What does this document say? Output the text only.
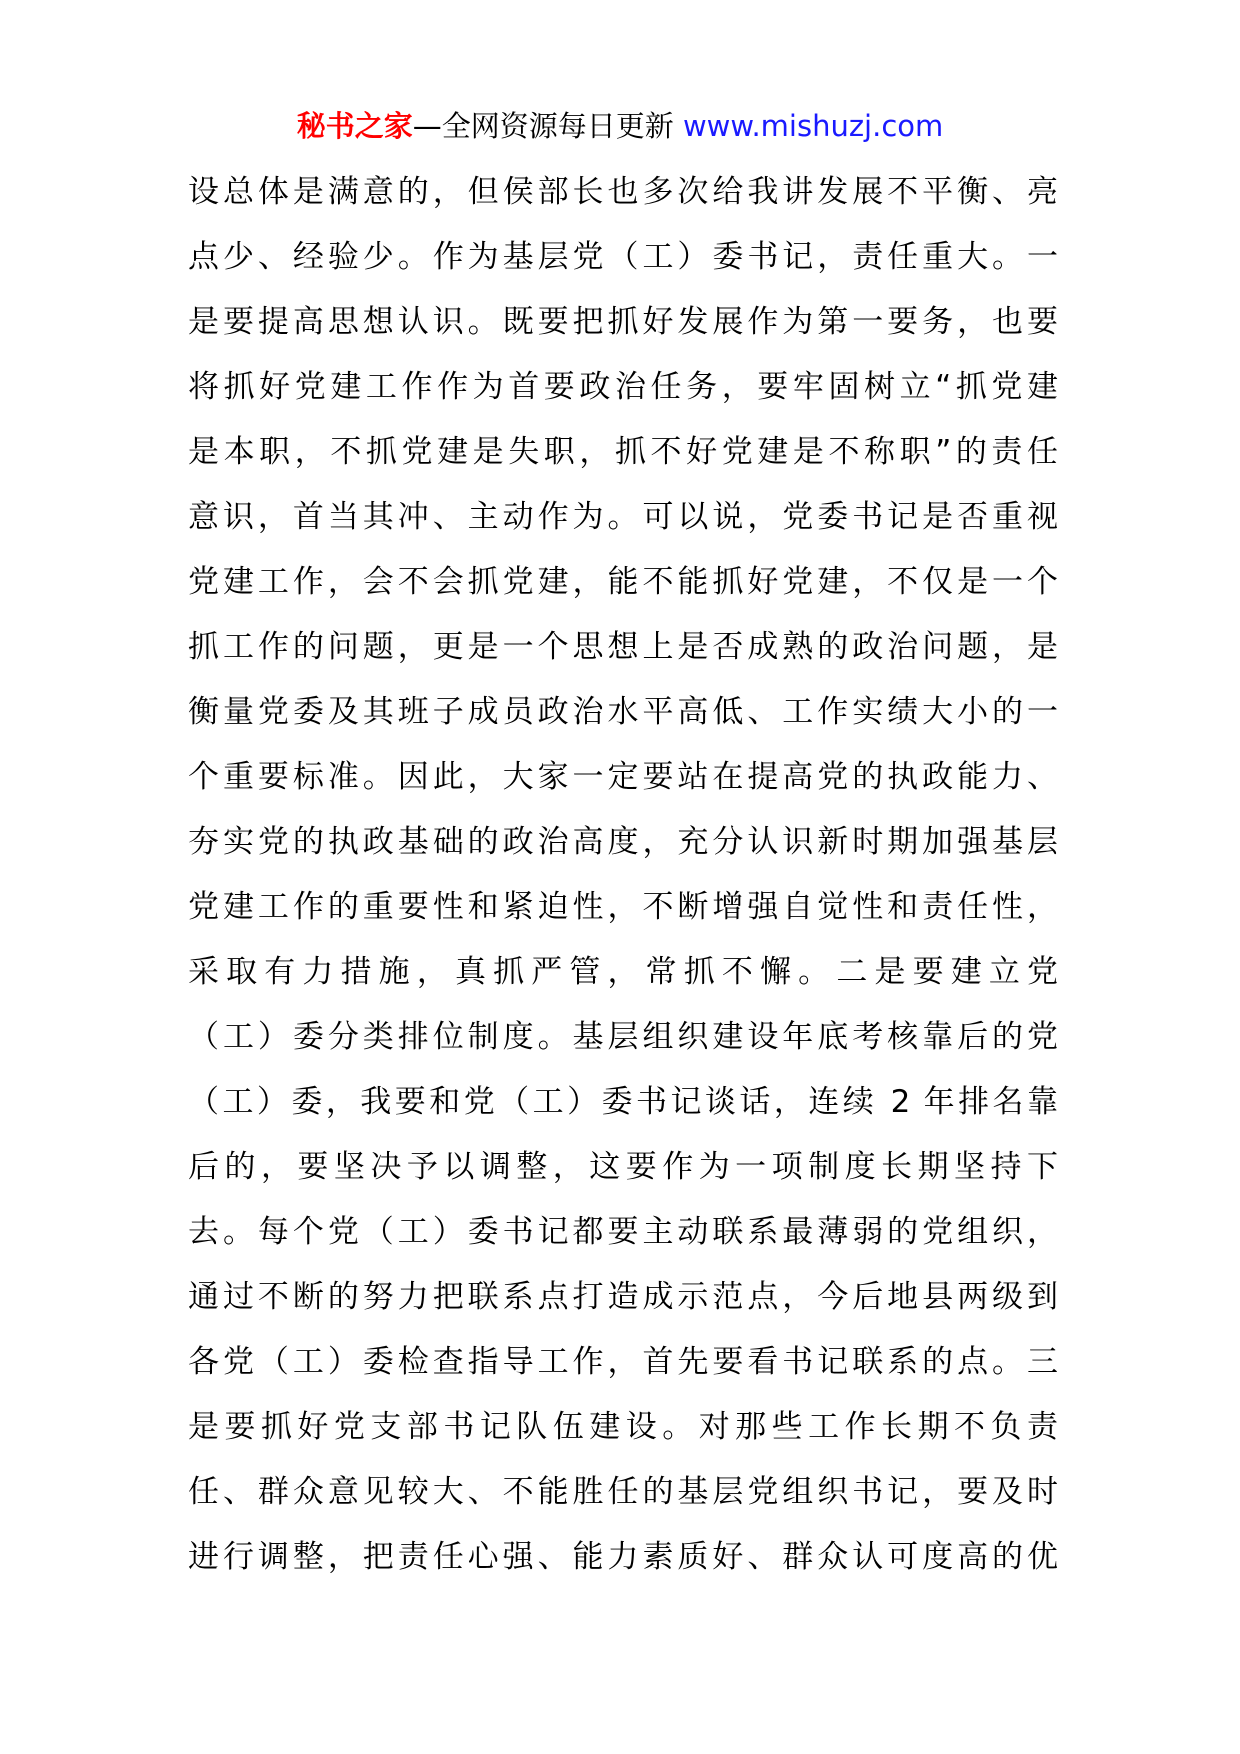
秘书之家—全网资源每日更新 www.mishuzj.com
设总体是满意的，但侯部长也多次给我讲发展不平衡、亮
点少、经验少。作为基层党（工）委书记，责任重大。一
是要提高思想认识。既要把抓好发展作为第一要务，也要
将抓好党建工作作为首要政治任务，要牢固树立“抓党建
是本职，不抓党建是失职，抓不好党建是不称职”的责任
意识，首当其冲、主动作为。可以说，党委书记是否重视
党建工作，会不会抓党建，能不能抓好党建，不仅是一个
抓工作的问题，更是一个思想上是否成熟的政治问题，是
衡量党委及其班子成员政治水平高低、工作实绩大小的一
个重要标准。因此，大家一定要站在提高党的执政能力、
夯实党的执政基础的政治高度，充分认识新时期加强基层
党建工作的重要性和紧迫性，不断增强自觉性和责任性，
采取有力措施，真抓严管，常抓不懈。二是要建立党
（工）委分类排位制度。基层组织建设年底考核靠后的党
（工）委，我要和党（工）委书记谈话，连续 2 年排名靠
后的，要坚决予以调整，这要作为一项制度长期坚持下
去。每个党（工）委书记都要主动联系最薄弱的党组织，
通过不断的努力把联系点打造成示范点，今后地县两级到
各党（工）委检查指导工作，首先要看书记联系的点。三
是要抓好党支部书记队伍建设。对那些工作长期不负责
任、群众意见较大、不能胜任的基层党组织书记，要及时
进行调整，把责任心强、能力素质好、群众认可度高的优
